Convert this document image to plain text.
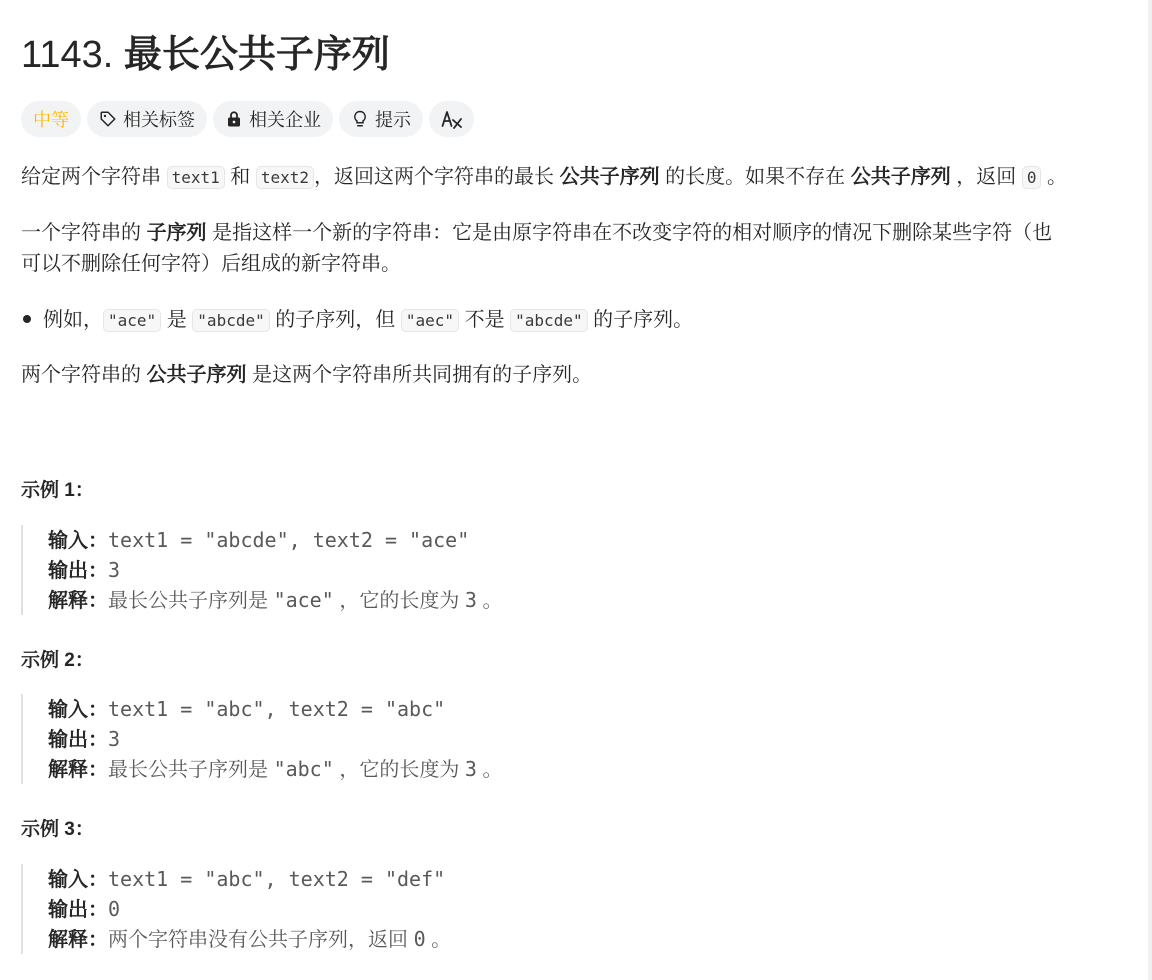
1143. 最长公共子序列
中等	相关标签	相关企业	提示
给定两个字符串 text1 和 text2 ，返回这两个字符串的最长 公共子序列 的长度。如果不存在 公共子序列 ，返回 0 。
一个字符串的 子序列 是指这样一个新的字符串：它是由原字符串在不改变字符的相对顺序的情况下删除某些字符（也
可以不删除任何字符）后组成的新字符串。
例如， "ace" 是 "abcde" 的子序列，但 "aec" 不是 "abcde" 的子序列。
两个字符串的 公共子序列 是这两个字符串所共同拥有的子序列。
示例 1：
输入：text1 = "abcde", text2 = "ace"
输出：3
解释：最长公共子序列是 "ace" ，它的长度为 3 。
示例 2：
输入：text1 = "abc", text2 = "abc"
输出：3
解释：最长公共子序列是 "abc" ，它的长度为 3 。
示例 3：
输入：text1 = "abc", text2 = "def"
输出：0
解释：两个字符串没有公共子序列，返回 0 。
